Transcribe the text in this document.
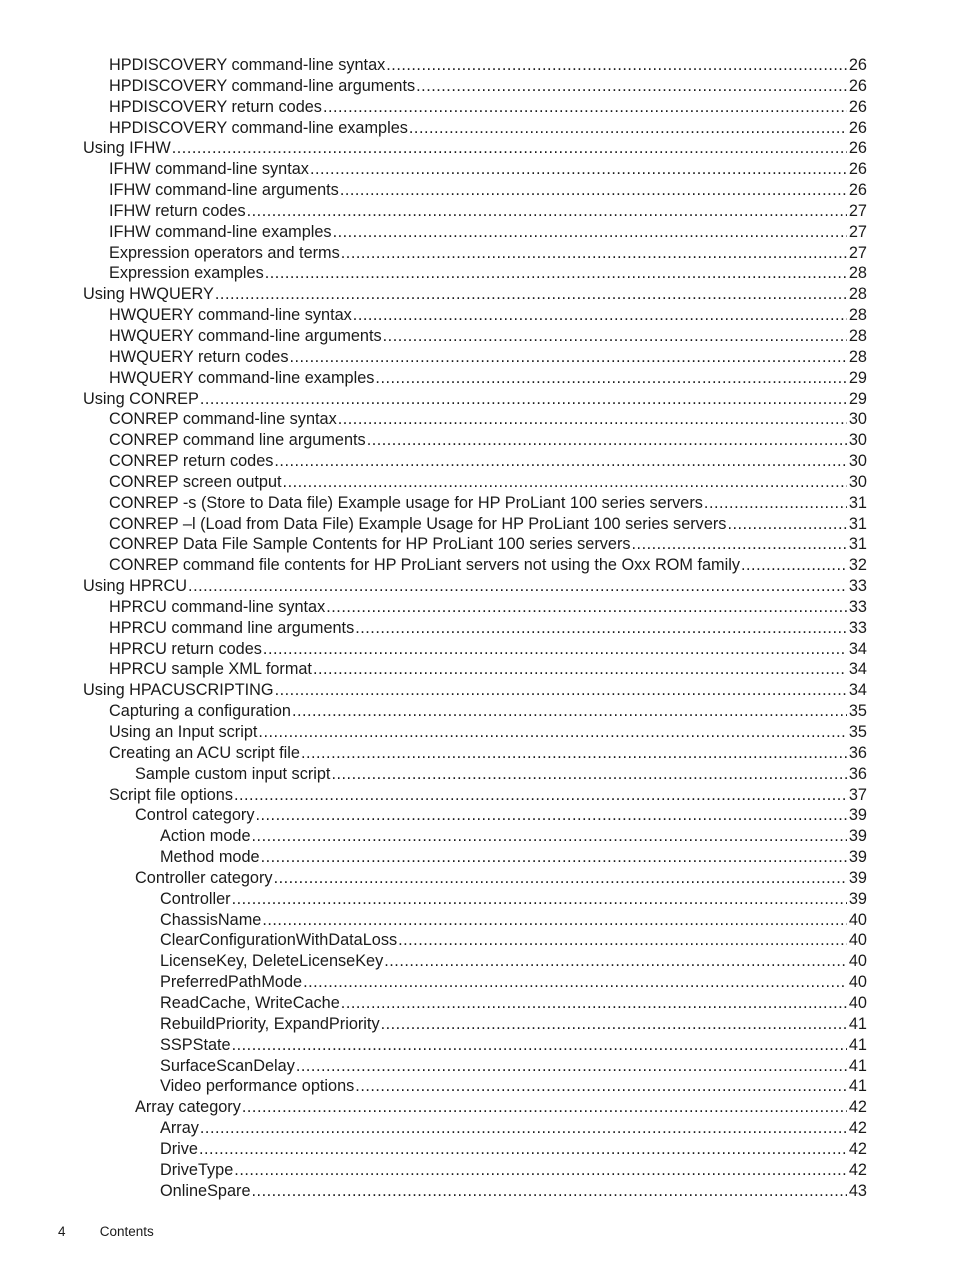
HPDISCOVERY command-line syntax .....	26
HPDISCOVERY command-line arguments .....	26
HPDISCOVERY return codes .....	26
HPDISCOVERY command-line examples .....	26
Using IFHW .....	26
IFHW command-line syntax .....	26
IFHW command-line arguments .....	26
IFHW return codes .....	27
IFHW command-line examples .....	27
Expression operators and terms .....	27
Expression examples .....	28
Using HWQUERY .....	28
HWQUERY command-line syntax .....	28
HWQUERY command-line arguments .....	28
HWQUERY return codes .....	28
HWQUERY command-line examples .....	29
Using CONREP .....	29
CONREP command-line syntax .....	30
CONREP command line arguments .....	30
CONREP return codes .....	30
CONREP screen output .....	30
CONREP -s (Store to Data file) Example usage for HP ProLiant 100 series servers .....	31
CONREP –l (Load from Data File) Example Usage for HP ProLiant 100 series servers .....	31
CONREP Data File Sample Contents for HP ProLiant 100 series servers .....	31
CONREP command file contents for HP ProLiant servers not using the Oxx ROM family .....	32
Using HPRCU .....	33
HPRCU command-line syntax .....	33
HPRCU command line arguments .....	33
HPRCU return codes .....	34
HPRCU sample XML format .....	34
Using HPACUSCRIPTING .....	34
Capturing a configuration .....	35
Using an Input script .....	35
Creating an ACU script file .....	36
Sample custom input script .....	36
Script file options .....	37
Control category .....	39
Action mode .....	39
Method mode .....	39
Controller category .....	39
Controller .....	39
ChassisName .....	40
ClearConfigurationWithDataLoss .....	40
LicenseKey, DeleteLicenseKey .....	40
PreferredPathMode .....	40
ReadCache, WriteCache .....	40
RebuildPriority, ExpandPriority .....	41
SSPState .....	41
SurfaceScanDelay .....	41
Video performance options .....	41
Array category .....	42
Array .....	42
Drive .....	42
DriveType .....	42
OnlineSpare .....	43
4	Contents
